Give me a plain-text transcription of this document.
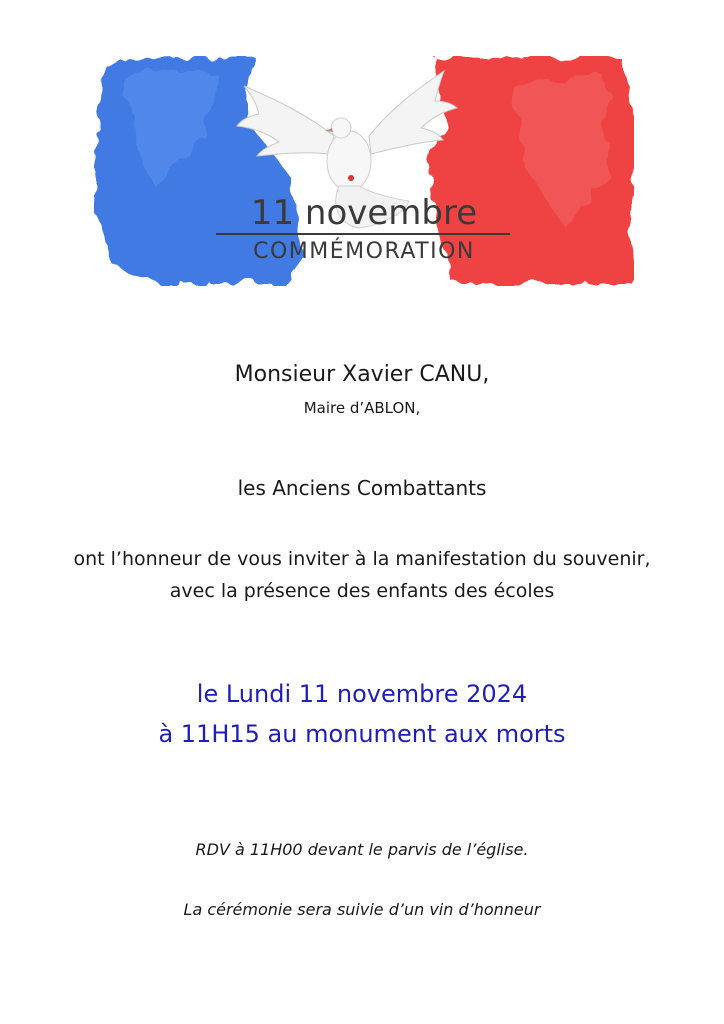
11 novembre
COMMÉMORATION
Monsieur Xavier CANU,
Maire d’ABLON,
les Anciens Combattants
ont l’honneur de vous inviter à la manifestation du souvenir,
avec la présence des enfants des écoles
le Lundi 11 novembre 2024
à 11H15 au monument aux morts
RDV à 11H00 devant le parvis de l’église.
La cérémonie sera suivie d’un vin d’honneur
